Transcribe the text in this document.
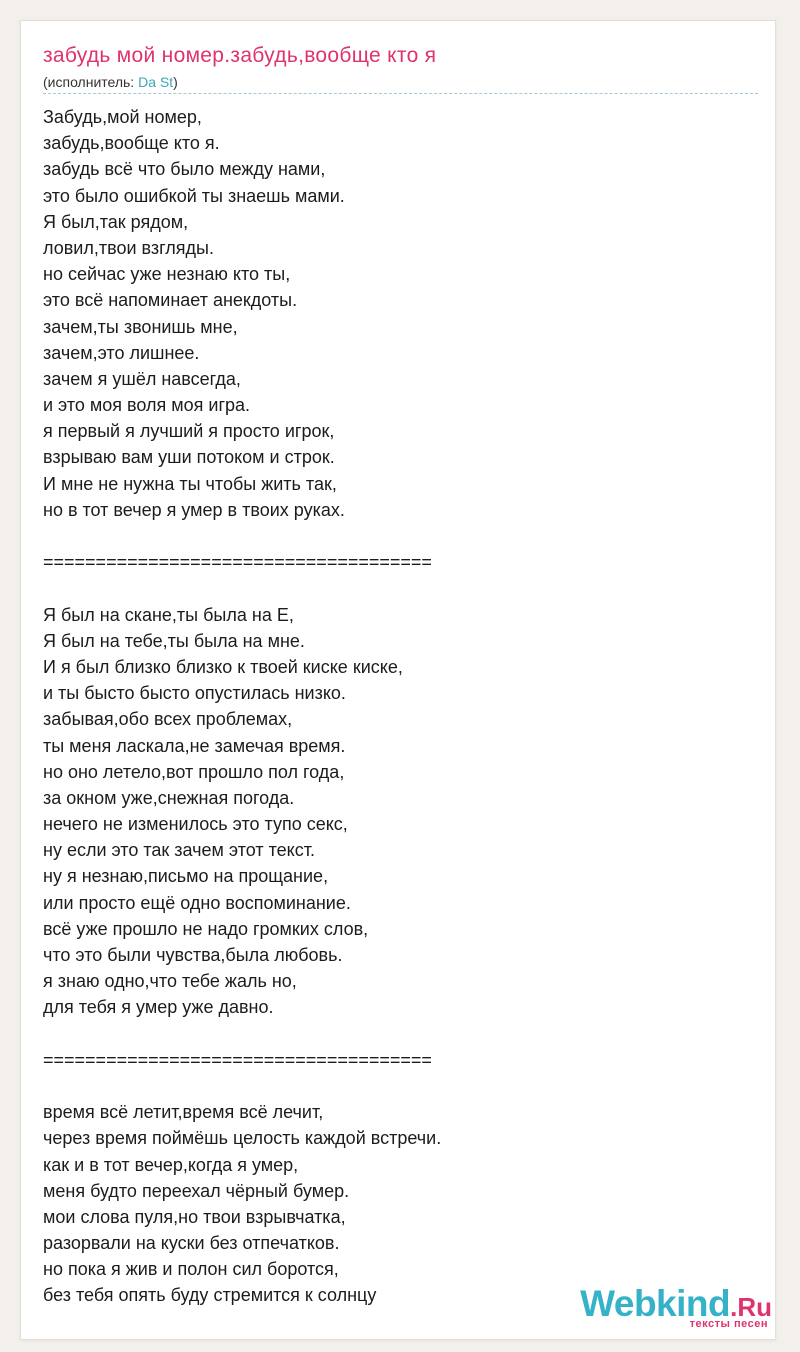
забудь мой номер.забудь,вообще кто я
(исполнитель: Da St)
Забудь,мой номер,
забудь,вообще кто я.
забудь всё что было между нами,
это было ошибкой ты знаешь мами.
Я был,так рядом,
ловил,твои взгляды.
но сейчас уже незнаю кто ты,
это всё напоминает анекдоты.
зачем,ты звонишь мне,
зачем,это лишнее.
зачем я ушёл навсегда,
и это моя воля моя игра.
я первый я лучший я просто игрок,
взрываю вам уши потоком и строк.
И мне не нужна ты чтобы жить так,
но в тот вечер я умер в твоих руках.
=====================================
Я был на скане,ты была на Е,
Я был на тебе,ты была на мне.
И я был близко близко к твоей киске киске,
и ты бысто бысто опустилась низко.
забывая,обо всех проблемах,
ты меня ласкала,не замечая время.
но оно летело,вот прошло пол года,
за окном уже,снежная погода.
нечего не изменилось это тупо секс,
ну если это так зачем этот текст.
ну я незнаю,письмо на прощание,
или просто ещё одно воспоминание.
всё уже прошло не надо громких слов,
что это были чувства,была любовь.
я знаю одно,что тебе жаль но,
для тебя я умер уже давно.
=====================================
время всё летит,время всё лечит,
через время поймёшь целость каждой встречи.
как и в тот вечер,когда я умер,
меня будто переехал чёрный бумер.
мои слова пуля,но твои взрывчатка,
разорвали на куски без отпечатков.
но пока я жив и полон сил боротся,
без тебя опять буду стремится к солнцу	Webkind.Ru
тексты песен
